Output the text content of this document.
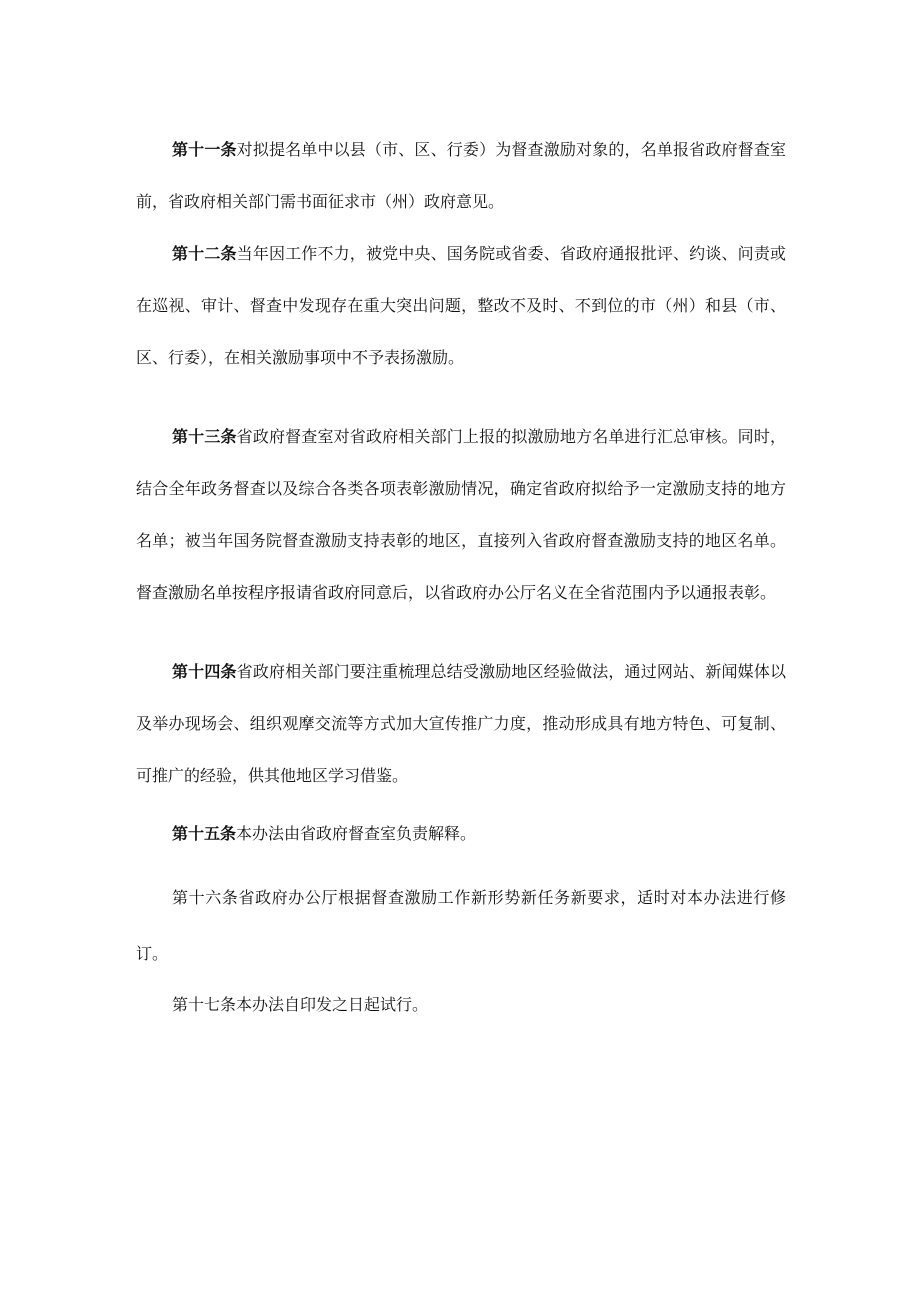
第十一条对拟提名单中以县（市、区、行委）为督查激励对象的，名单报省政府督查室前，省政府相关部门需书面征求市（州）政府意见。

第十二条当年因工作不力，被党中央、国务院或省委、省政府通报批评、约谈、问责或在巡视、审计、督查中发现存在重大突出问题，整改不及时、不到位的市（州）和县（市、区、行委），在相关激励事项中不予表扬激励。

第十三条省政府督查室对省政府相关部门上报的拟激励地方名单进行汇总审核。同时，结合全年政务督查以及综合各类各项表彰激励情况，确定省政府拟给予一定激励支持的地方名单；被当年国务院督查激励支持表彰的地区，直接列入省政府督查激励支持的地区名单。督查激励名单按程序报请省政府同意后，以省政府办公厅名义在全省范围内予以通报表彰。

第十四条省政府相关部门要注重梳理总结受激励地区经验做法，通过网站、新闻媒体以及举办现场会、组织观摩交流等方式加大宣传推广力度，推动形成具有地方特色、可复制、可推广的经验，供其他地区学习借鉴。

第十五条本办法由省政府督查室负责解释。

第十六条省政府办公厅根据督查激励工作新形势新任务新要求，适时对本办法进行修订。

第十七条本办法自印发之日起试行。
